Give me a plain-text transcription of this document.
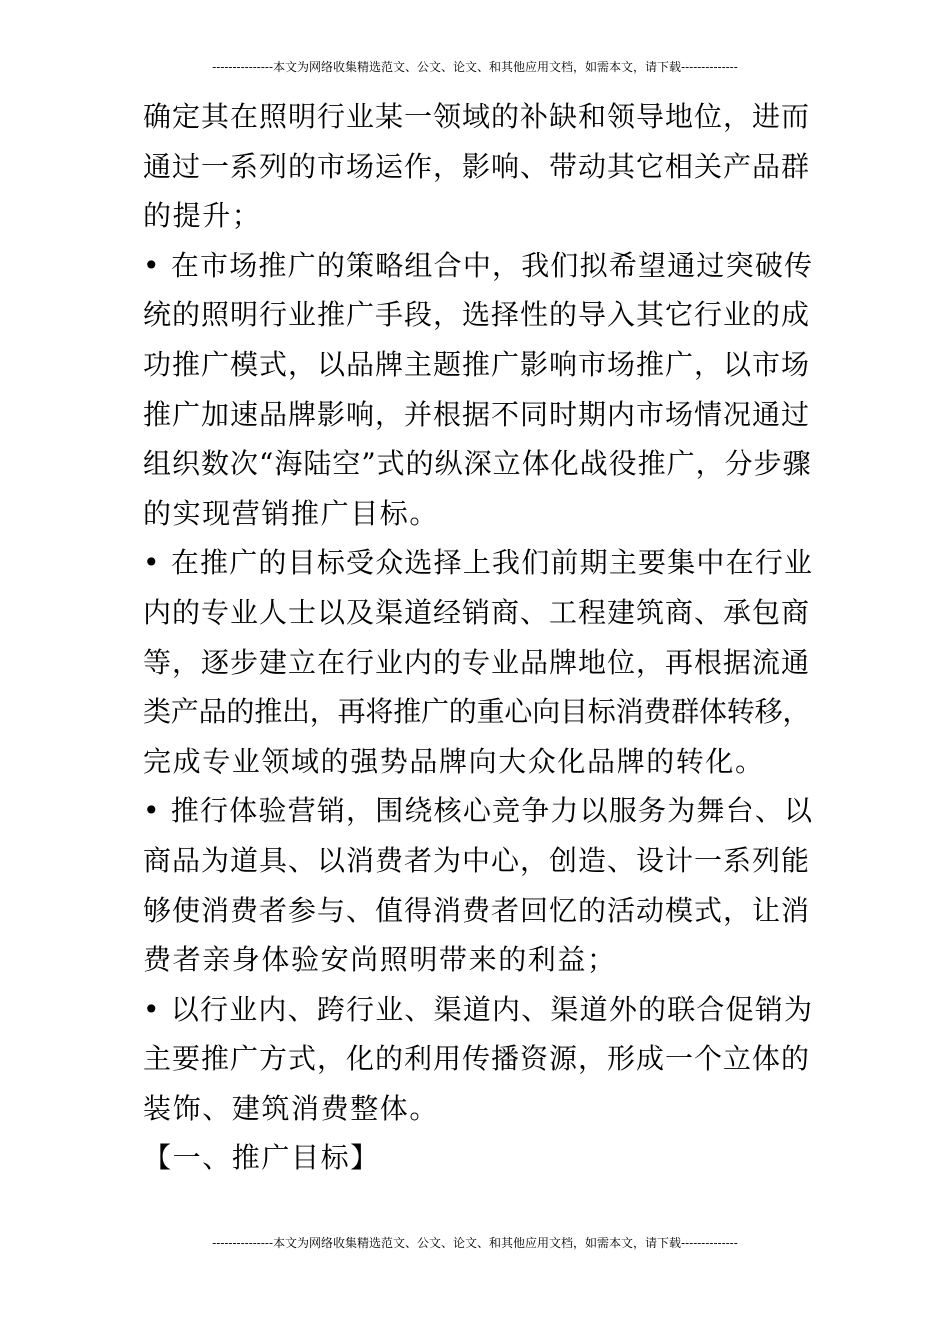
---------------本文为网络收集精选范文、公文、论文、和其他应用文档，如需本文，请下载--------------
确定其在照明行业某一领域的补缺和领导地位，进而
通过一系列的市场运作，影响、带动其它相关产品群
的提升；
• 在市场推广的策略组合中，我们拟希望通过突破传
统的照明行业推广手段，选择性的导入其它行业的成
功推广模式，以品牌主题推广影响市场推广，以市场
推广加速品牌影响，并根据不同时期内市场情况通过
组织数次“海陆空”式的纵深立体化战役推广，分步骤
的实现营销推广目标。
• 在推广的目标受众选择上我们前期主要集中在行业
内的专业人士以及渠道经销商、工程建筑商、承包商
等，逐步建立在行业内的专业品牌地位，再根据流通
类产品的推出，再将推广的重心向目标消费群体转移，
完成专业领域的强势品牌向大众化品牌的转化。
• 推行体验营销，围绕核心竞争力以服务为舞台、以
商品为道具、以消费者为中心，创造、设计一系列能
够使消费者参与、值得消费者回忆的活动模式，让消
费者亲身体验安尚照明带来的利益；
• 以行业内、跨行业、渠道内、渠道外的联合促销为
主要推广方式，化的利用传播资源，形成一个立体的
装饰、建筑消费整体。
【一、推广目标】
---------------本文为网络收集精选范文、公文、论文、和其他应用文档，如需本文，请下载--------------
